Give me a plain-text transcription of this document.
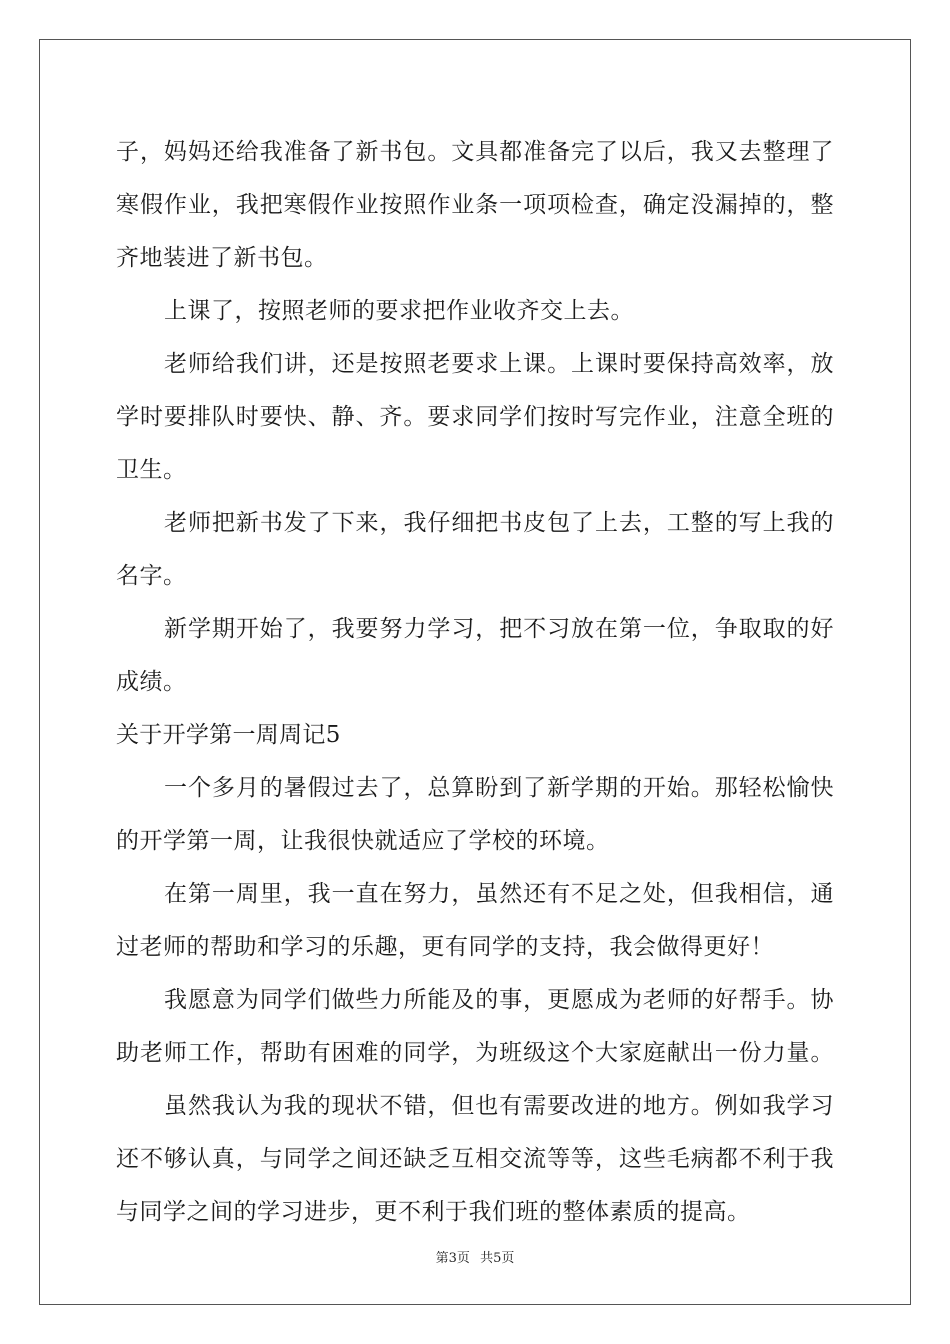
子，妈妈还给我准备了新书包。文具都准备完了以后，我又去整理了
寒假作业，我把寒假作业按照作业条一项项检查，确定没漏掉的，整
齐地装进了新书包。
上课了，按照老师的要求把作业收齐交上去。
老师给我们讲，还是按照老要求上课。上课时要保持高效率，放
学时要排队时要快、静、齐。要求同学们按时写完作业，注意全班的
卫生。
老师把新书发了下来，我仔细把书皮包了上去，工整的写上我的
名字。
新学期开始了，我要努力学习，把不习放在第一位，争取取的好
成绩。
关于开学第一周周记5
一个多月的暑假过去了，总算盼到了新学期的开始。那轻松愉快
的开学第一周，让我很快就适应了学校的环境。
在第一周里，我一直在努力，虽然还有不足之处，但我相信，通
过老师的帮助和学习的乐趣，更有同学的支持，我会做得更好！
我愿意为同学们做些力所能及的事，更愿成为老师的好帮手。协
助老师工作，帮助有困难的同学，为班级这个大家庭献出一份力量。
虽然我认为我的现状不错，但也有需要改进的地方。例如我学习
还不够认真，与同学之间还缺乏互相交流等等，这些毛病都不利于我
与同学之间的学习进步，更不利于我们班的整体素质的提高。
第3页 共5页
